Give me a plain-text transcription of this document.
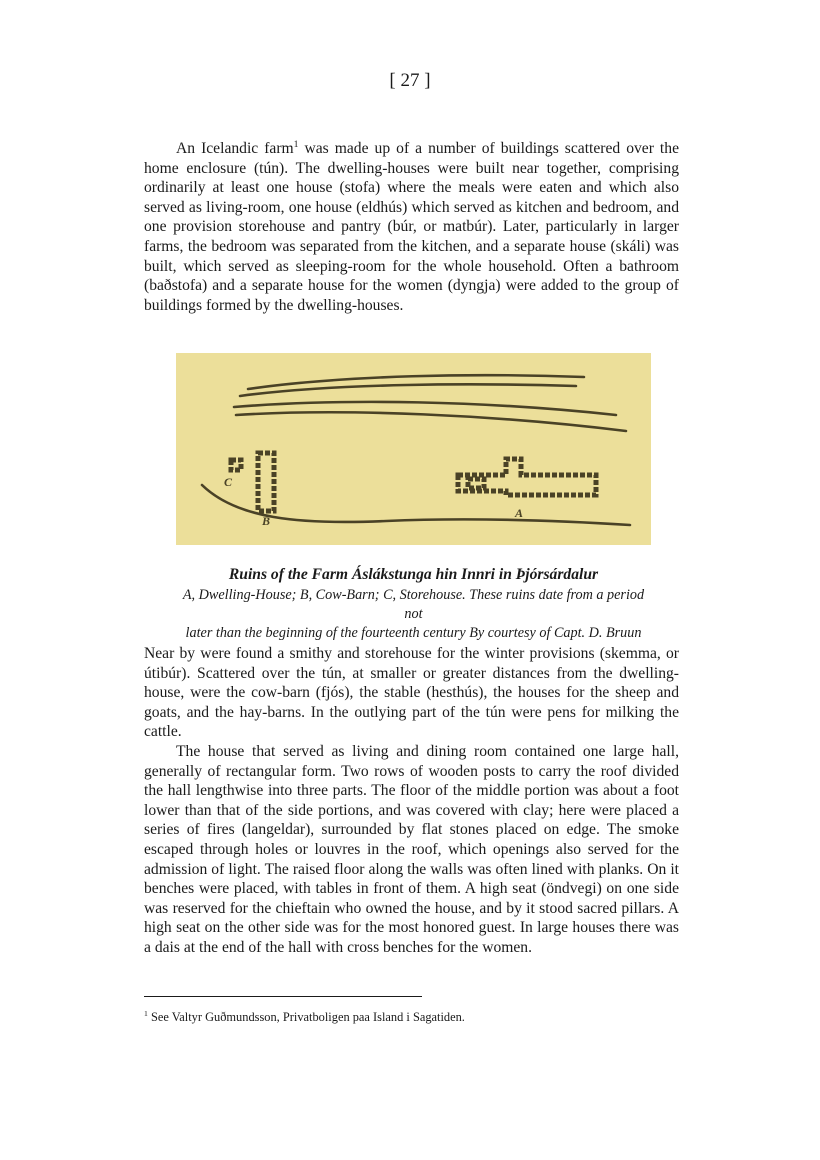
[ 27 ]
An Icelandic farm$^1$ was made up of a number of buildings scattered over the home enclosure (tún). The dwelling-houses were built near together, comprising ordinarily at least one house (stofa) where the meals were eaten and which also served as living-room, one house (eldhús) which served as kitchen and bedroom, and one provision storehouse and pantry (búr, or matbúr). Later, particularly in larger farms, the bedroom was separated from the kitchen, and a separate house (skáli) was built, which served as sleeping-room for the whole household. Often a bathroom (baðstofa) and a separate house for the women (dyngja) were added to the group of buildings formed by the dwelling-houses.
C
B
A
Ruins of the Farm Áslákstunga hin Innri in Þjórsárdalur
A, Dwelling-House; B, Cow-Barn; C, Storehouse. These ruins date from a period not
later than the beginning of the fourteenth century By courtesy of Capt. D. Bruun

Near by were found a smithy and storehouse for the winter provisions (skemma, or útibúr). Scattered over the tún, at smaller or greater distances from the dwelling-house, were the cow-barn (fjós), the stable (hesthús), the houses for the sheep and goats, and the hay-barns. In the outlying part of the tún were pens for milking the cattle.

The house that served as living and dining room contained one large hall, generally of rectangular form. Two rows of wooden posts to carry the roof divided the hall lengthwise into three parts. The floor of the middle portion was about a foot lower than that of the side portions, and was covered with clay; here were placed a series of fires (langeldar), surrounded by flat stones placed on edge. The smoke escaped through holes or louvres in the roof, which openings also served for the admission of light. The raised floor along the walls was often lined with planks. On it benches were placed, with tables in front of them. A high seat (öndvegi) on one side was reserved for the chieftain who owned the house, and by it stood sacred pillars. A high seat on the other side was for the most honored guest. In large houses there was a dais at the end of the hall with cross benches for the women.

$^1$ See Valtyr Guðmundsson, Privatboligen paa Island i Sagatiden.
